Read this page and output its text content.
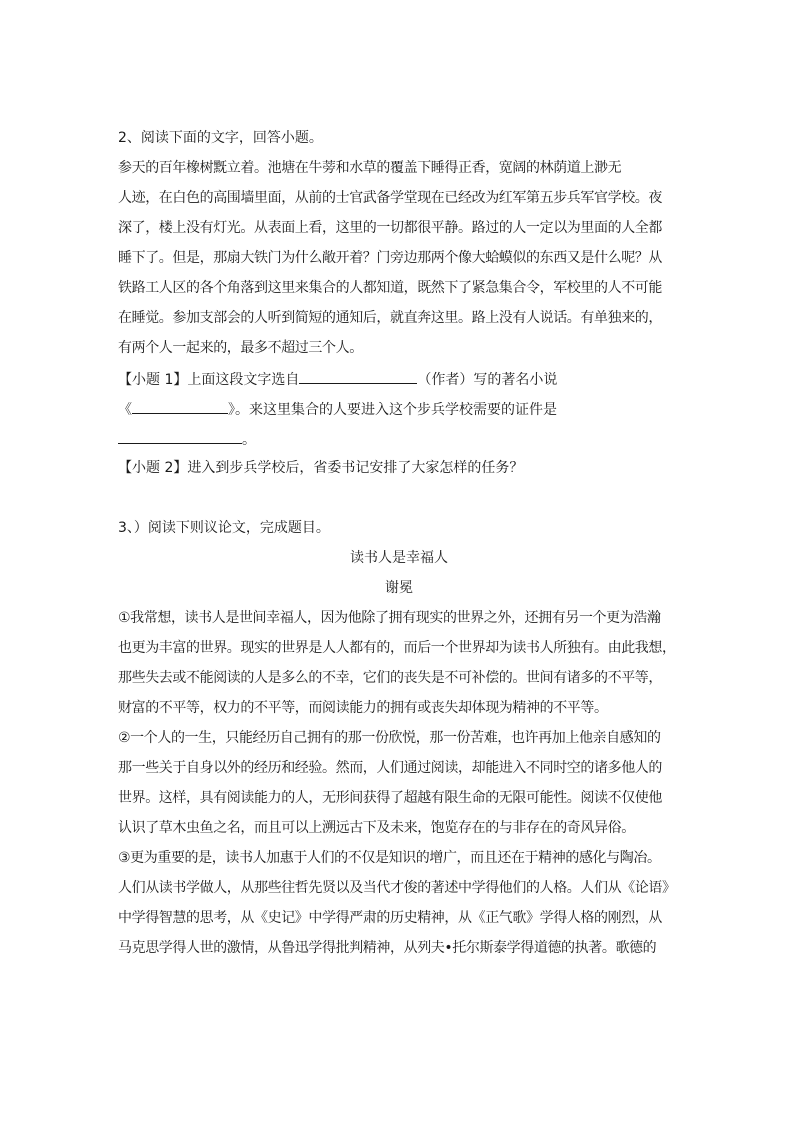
2、阅读下面的文字，回答小题。
参天的百年橡树黖立着。池塘在牛蒡和水草的覆盖下睡得正香，宽阔的林荫道上渺无
人迹，在白色的高围墙里面，从前的士官武备学堂现在已经改为红军第五步兵军官学校。夜
深了，楼上没有灯光。从表面上看，这里的一切都很平静。路过的人一定以为里面的人全都
睡下了。但是，那扇大铁门为什么敞开着？门旁边那两个像大蛤蟆似的东西又是什么呢？从
铁路工人区的各个角落到这里来集合的人都知道，既然下了紧急集合令，军校里的人不可能
在睡觉。参加支部会的人听到简短的通知后，就直奔这里。路上没有人说话。有单独来的，
有两个人一起来的，最多不超过三个人。
【小题 1】上面这段文字选自	（作者）写的著名小说
《	》。来这里集合的人要进入这个步兵学校需要的证件是
。
【小题 2】进入到步兵学校后，省委书记安排了大家怎样的任务？
3、）阅读下则议论文，完成题目。
读书人是幸福人
谢冕
①我常想，读书人是世间幸福人，因为他除了拥有现实的世界之外，还拥有另一个更为浩瀚
也更为丰富的世界。现实的世界是人人都有的，而后一个世界却为读书人所独有。由此我想，
那些失去或不能阅读的人是多么的不幸，它们的丧失是不可补偿的。世间有诸多的不平等，
财富的不平等，权力的不平等，而阅读能力的拥有或丧失却体现为精神的不平等。
②一个人的一生，只能经历自己拥有的那一份欣悦，那一份苦难，也许再加上他亲自感知的
那一些关于自身以外的经历和经验。然而，人们通过阅读，却能进入不同时空的诸多他人的
世界。这样，具有阅读能力的人，无形间获得了超越有限生命的无限可能性。阅读不仅使他
认识了草木虫鱼之名，而且可以上溯远古下及未来，饱览存在的与非存在的奇风异俗。
③更为重要的是，读书人加惠于人们的不仅是知识的增广，而且还在于精神的感化与陶冶。
人们从读书学做人，从那些往哲先贤以及当代才俊的著述中学得他们的人格。人们从《论语》
中学得智慧的思考，从《史记》中学得严肃的历史精神，从《正气歌》学得人格的刚烈，从
马克思学得人世的激情，从鲁迅学得批判精神，从列夫•托尔斯泰学得道德的执著。歌德的
